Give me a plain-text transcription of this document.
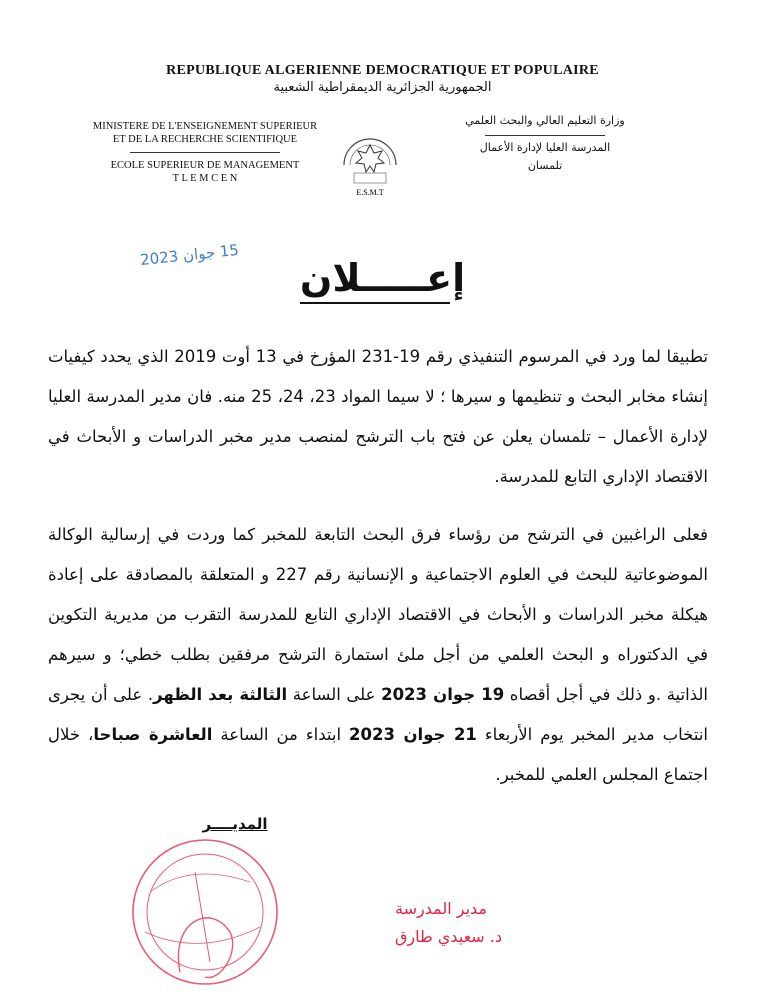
REPUBLIQUE ALGERIENNE DEMOCRATIQUE ET POPULAIRE
الجمهورية الجزائرية الديمقراطية الشعبية
MINISTERE DE L'ENSEIGNEMENT SUPERIEUR
ET DE LA RECHERCHE SCIENTIFIQUE
ECOLE SUPERIEUR DE MANAGEMENT
T L E M C E N
E.S.M.T
وزارة التعليم العالي والبحث العلمي
المدرسة العليا لإدارة الأعمال
تلمسان
15 جوان 2023
إعـــــلان
تطبيقا لما ورد في المرسوم التنفيذي رقم 19-231 المؤرخ في 13 أوت 2019 الذي يحدد كيفيات إنشاء مخابر البحث و تنظيمها و سيرها ؛ لا سيما المواد 23، 24، 25 منه. فان مدير المدرسة العليا لإدارة الأعمال – تلمسان يعلن عن فتح باب الترشح لمنصب مدير مخبر الدراسات و الأبحاث في الاقتصاد الإداري التابع للمدرسة.
فعلى الراغبين في الترشح من رؤساء فرق البحث التابعة للمخبر كما وردت في إرسالية الوكالة الموضوعاتية للبحث في العلوم الاجتماعية و الإنسانية رقم 227 و المتعلقة بالمصادقة على إعادة هيكلة مخبر الدراسات و الأبحاث في الاقتصاد الإداري التابع للمدرسة التقرب من مديرية التكوين في الدكتوراه و البحث العلمي من أجل ملئ استمارة الترشح مرفقين بطلب خطي؛ و سيرهم الذاتية .و ذلك في أجل أقصاه 19 جوان 2023 على الساعة الثالثة بعد الظهر. على أن يجرى انتخاب مدير المخبر يوم الأربعاء 21 جوان 2023 ابتداء من الساعة العاشرة صباحا، خلال اجتماع المجلس العلمي للمخبر.
المديــــر
مدير المدرسة
د. سعيدي طارق
